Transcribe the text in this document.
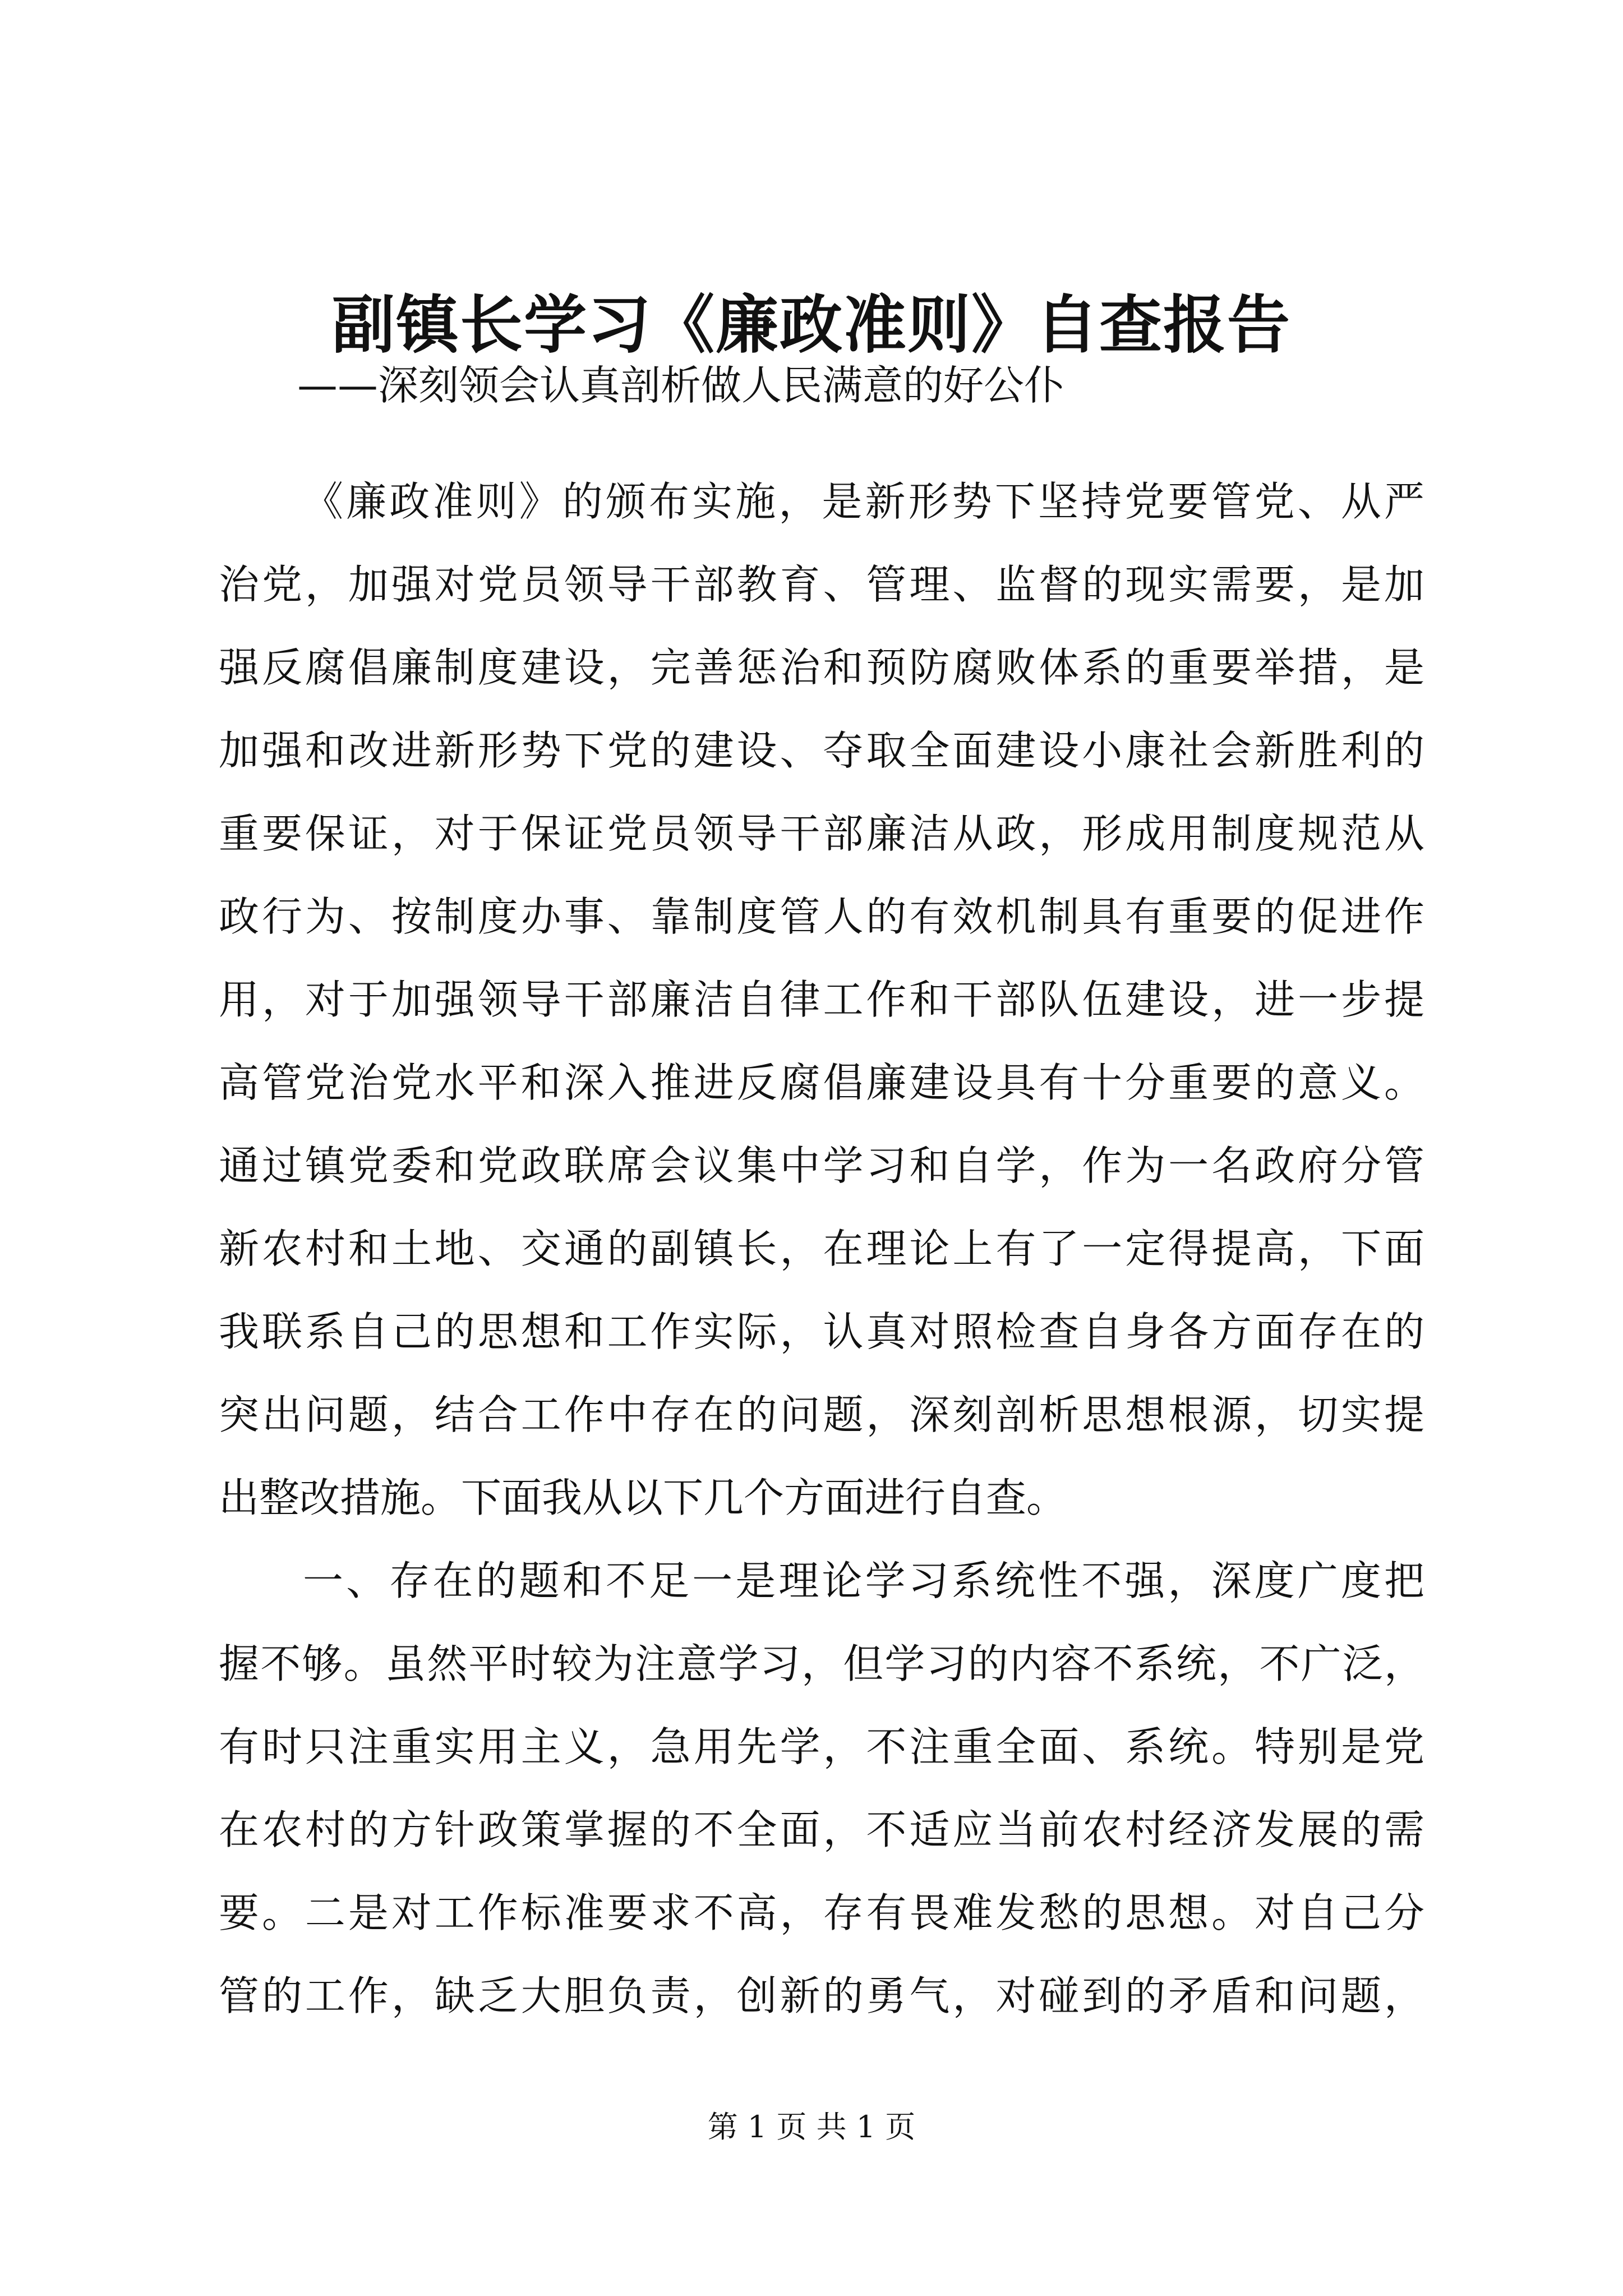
副镇长学习《廉政准则》自查报告
——深刻领会认真剖析做人民满意的好公仆
《廉政准则》的颁布实施，是新形势下坚持党要管党、从严
治党，加强对党员领导干部教育、管理、监督的现实需要，是加
强反腐倡廉制度建设，完善惩治和预防腐败体系的重要举措，是
加强和改进新形势下党的建设、夺取全面建设小康社会新胜利的
重要保证，对于保证党员领导干部廉洁从政，形成用制度规范从
政行为、按制度办事、靠制度管人的有效机制具有重要的促进作
用，对于加强领导干部廉洁自律工作和干部队伍建设，进一步提
高管党治党水平和深入推进反腐倡廉建设具有十分重要的意义。
通过镇党委和党政联席会议集中学习和自学，作为一名政府分管
新农村和土地、交通的副镇长，在理论上有了一定得提高，下面
我联系自己的思想和工作实际，认真对照检查自身各方面存在的
突出问题，结合工作中存在的问题，深刻剖析思想根源，切实提
出整改措施。下面我从以下几个方面进行自查。
一、存在的题和不足一是理论学习系统性不强，深度广度把
握不够。虽然平时较为注意学习，但学习的内容不系统，不广泛，
有时只注重实用主义，急用先学，不注重全面、系统。特别是党
在农村的方针政策掌握的不全面，不适应当前农村经济发展的需
要。二是对工作标准要求不高，存有畏难发愁的思想。对自己分
管的工作，缺乏大胆负责，创新的勇气，对碰到的矛盾和问题，
第 1 页 共 1 页
